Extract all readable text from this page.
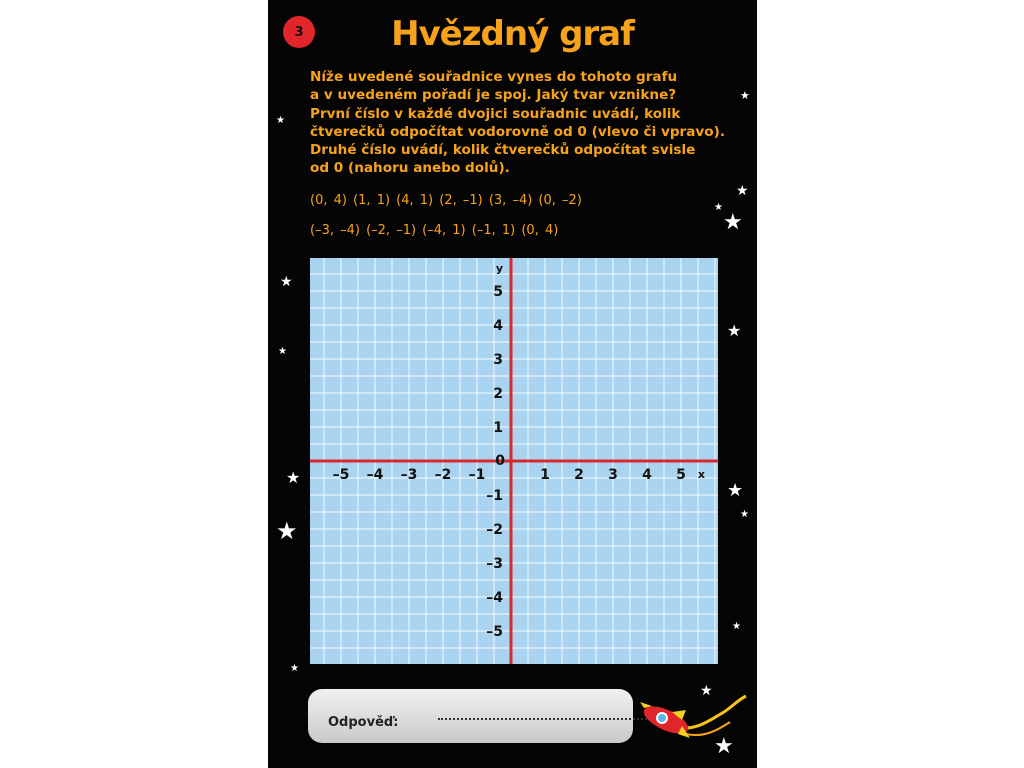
3	Hvězdný graf
Níže uvedené souřadnice vynes do tohoto grafu
a v uvedeném pořadí je spoj. Jaký tvar vznikne?
První číslo v každé dvojici souřadnic uvádí, kolik
čtverečků odpočítat vodorovně od 0 (vlevo či vpravo).
Druhé číslo uvádí, kolik čtverečků odpočítat svisle
od 0 (nahoru anebo dolů).
(0, 4) (1, 1) (4, 1) (2, –1) (3, –4) (0, –2)
(–3, –4) (–2, –1) (–4, 1) (–1, 1) (0, 4)
–5 –4 –3 –2 –1	1 2 3 4 5
5
4
3
2
1
–1
–2
–3
–4
–5
0
x
y
Odpověď:
★
★
★
★
★
★
★
★
★
★
★
★
★
★
★
★
